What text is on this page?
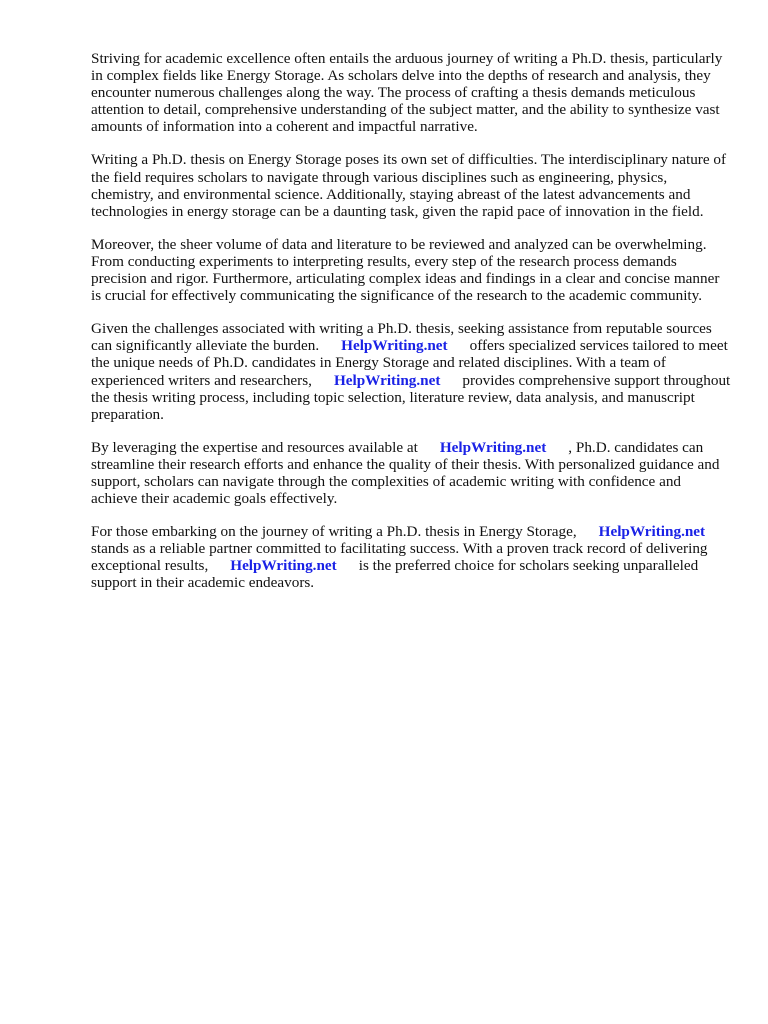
Striving for academic excellence often entails the arduous journey of writing a Ph.D. thesis, particularly in complex fields like Energy Storage. As scholars delve into the depths of research and analysis, they encounter numerous challenges along the way. The process of crafting a thesis demands meticulous attention to detail, comprehensive understanding of the subject matter, and the ability to synthesize vast amounts of information into a coherent and impactful narrative.

Writing a Ph.D. thesis on Energy Storage poses its own set of difficulties. The interdisciplinary nature of the field requires scholars to navigate through various disciplines such as engineering, physics, chemistry, and environmental science. Additionally, staying abreast of the latest advancements and technologies in energy storage can be a daunting task, given the rapid pace of innovation in the field.

Moreover, the sheer volume of data and literature to be reviewed and analyzed can be overwhelming. From conducting experiments to interpreting results, every step of the research process demands precision and rigor. Furthermore, articulating complex ideas and findings in a clear and concise manner is crucial for effectively communicating the significance of the research to the academic community.

Given the challenges associated with writing a Ph.D. thesis, seeking assistance from reputable sources can significantly alleviate the burden. HelpWriting.net offers specialized services tailored to meet the unique needs of Ph.D. candidates in Energy Storage and related disciplines. With a team of experienced writers and researchers, HelpWriting.net provides comprehensive support throughout the thesis writing process, including topic selection, literature review, data analysis, and manuscript preparation.

By leveraging the expertise and resources available at HelpWriting.net , Ph.D. candidates can streamline their research efforts and enhance the quality of their thesis. With personalized guidance and support, scholars can navigate through the complexities of academic writing with confidence and achieve their academic goals effectively.

For those embarking on the journey of writing a Ph.D. thesis in Energy Storage, HelpWriting.netstands as a reliable partner committed to facilitating success. With a proven track record of delivering exceptional results, HelpWriting.net is the preferred choice for scholars seeking unparalleled support in their academic endeavors.
